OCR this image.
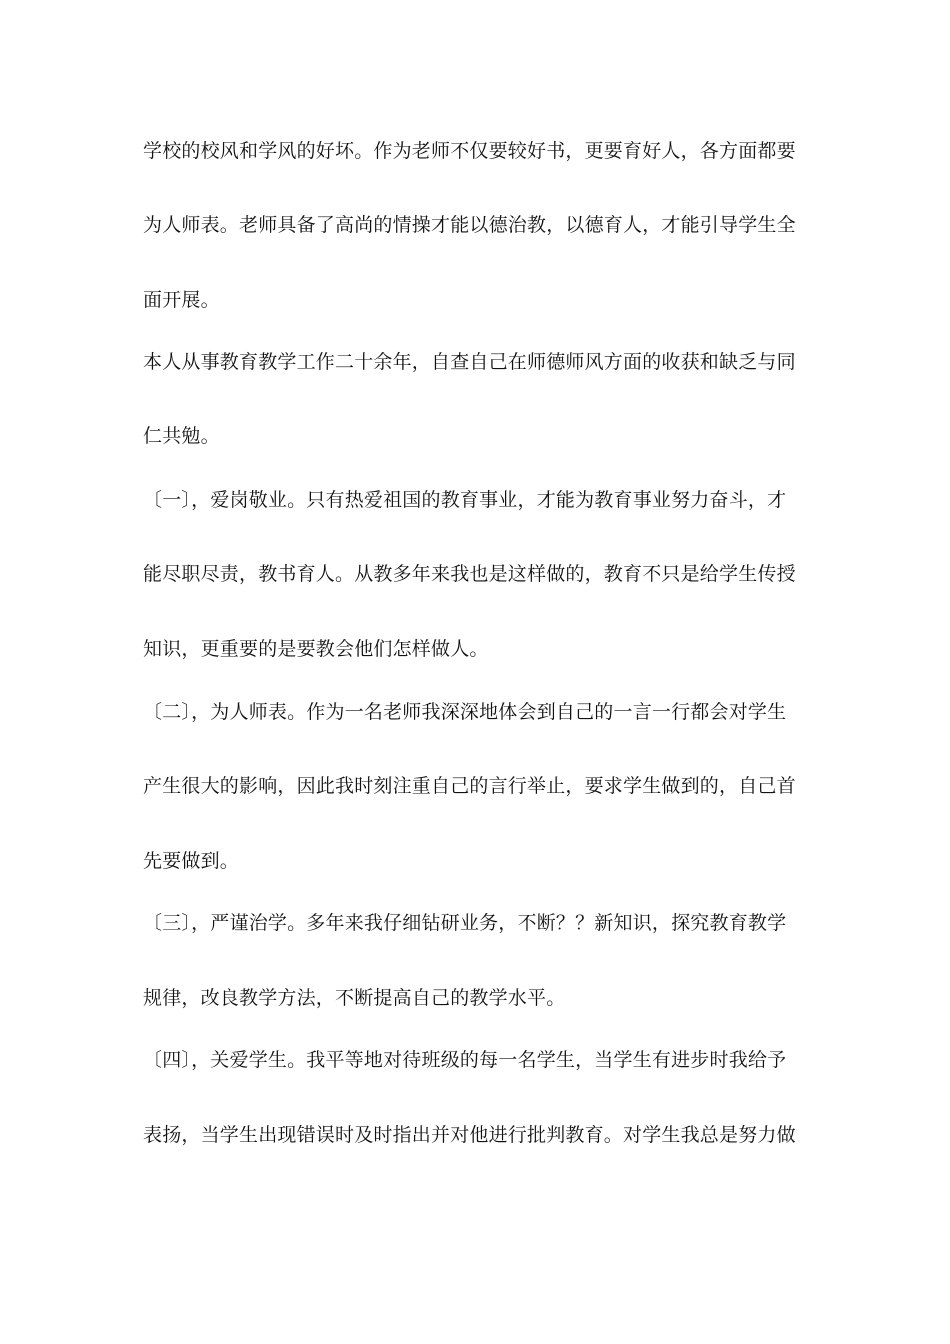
学校的校风和学风的好坏。作为老师不仅要较好书，更要育好人，各方面都要
为人师表。老师具备了高尚的情操才能以德治教，以德育人，才能引导学生全
面开展。
本人从事教育教学工作二十余年，自查自己在师德师风方面的收获和缺乏与同
仁共勉。
〔一〕，爱岗敬业。只有热爱祖国的教育事业，才能为教育事业努力奋斗，才
能尽职尽责，教书育人。从教多年来我也是这样做的，教育不只是给学生传授
知识，更重要的是要教会他们怎样做人。
〔二〕，为人师表。作为一名老师我深深地体会到自己的一言一行都会对学生
产生很大的影响，因此我时刻注重自己的言行举止，要求学生做到的，自己首
先要做到。
〔三〕，严谨治学。多年来我仔细钻研业务，不断？？新知识，探究教育教学
规律，改良教学方法，不断提高自己的教学水平。
〔四〕，关爱学生。我平等地对待班级的每一名学生，当学生有进步时我给予
表扬，当学生出现错误时及时指出并对他进行批判教育。对学生我总是努力做
